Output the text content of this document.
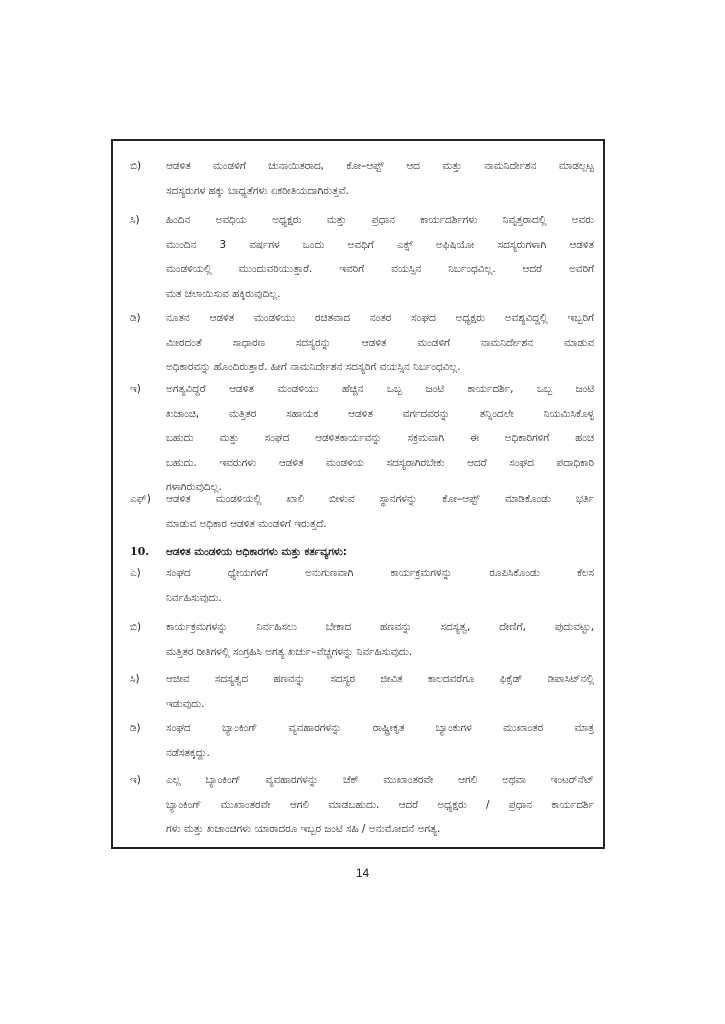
ಬಿ)	ಆಡಳಿತ ಮಂಡಳಿಗೆ ಚುನಾಯಿತರಾದ, ಕೋ–ಆಪ್ಟ್ ಆದ ಮತ್ತು ನಾಮನಿರ್ದೇಶನ ಮಾಡಲ್ಪಟ್ಟ
ಸದಸ್ಯರುಗಳ ಹಕ್ಕು ಬಾಧ್ಯತೆಗಳು ಏಕರೀತಿಯದಾಗಿರುತ್ತವೆ.
ಸಿ)	ಹಿಂದಿನ ಅವಧಿಯ ಅಧ್ಯಕ್ಷರು ಮತ್ತು ಪ್ರಧಾನ ಕಾರ್ಯದರ್ಶಿಗಳು ನಿವೃತ್ತರಾದಲ್ಲಿ ಅವರು
ಮುಂದಿನ 3 ವರ್ಷಗಳ ಒಂದು ಅವಧಿಗೆ ಎಕ್ಸ್ ಅಫಿಷಿಯೋ ಸದಸ್ಯರುಗಳಾಗಿ ಆಡಳಿತ
ಮಂಡಳಿಯಲ್ಲಿ ಮುಂದುವರಿಯುತ್ತಾರೆ. ಇವರಿಗೆ ವಯಸ್ಸಿನ ನಿರ್ಬಂಧವಿಲ್ಲ. ಆದರೆ ಅವರಿಗೆ
ಮತ ಚಲಾಯಿಸುವ ಹಕ್ಕಿರುವುದಿಲ್ಲ.
ಡಿ)	ನೂತನ ಆಡಳಿತ ಮಂಡಳಿಯು ರಚಿತವಾದ ನಂತರ ಸಂಘದ ಅಧ್ಯಕ್ಷರು ಅವಶ್ಯವಿದ್ದಲ್ಲಿ ಇಬ್ಬರಿಗೆ
ಮೀರದಂತೆ ಸಾಧಾರಣ ಸದಸ್ಯರನ್ನು ಆಡಳಿತ ಮಂಡಳಿಗೆ ನಾಮನಿರ್ದೇಶನ ಮಾಡುವ
ಅಧಿಕಾರವನ್ನು ಹೊಂದಿರುತ್ತಾರೆ. ಹೀಗೆ ನಾಮನಿರ್ದೇಶನ ಸದಸ್ಯರಿಗೆ ವಯಸ್ಸಿನ ನಿರ್ಬಂಧವಿಲ್ಲ.
ಇ)	ಅಗತ್ಯವಿದ್ದರೆ ಆಡಳಿತ ಮಂಡಳಿಯು ಹೆಚ್ಚಿನ ಒಬ್ಬ ಜಂಟಿ ಕಾರ್ಯದರ್ಶಿ, ಒಬ್ಬ ಜಂಟಿ
ಖಜಾಂಚಿ, ಮತ್ತಿತರ ಸಹಾಯಕ ಆಡಳಿತ ವರ್ಗದವರನ್ನು ತನ್ನಿಂದಲೇ ನಿಯಮಿಸಿಕೊಳ್ಳ
ಬಹುದು ಮತ್ತು ಸಂಘದ ಆಡಳಿತಕಾರ್ಯವನ್ನು ಸಕ್ರಮವಾಗಿ ಈ ಅಧಿಕಾರಿಗಳಿಗೆ ಹಂಚ
ಬಹುದು. ಇವರುಗಳು ಆಡಳಿತ ಮಂಡಳಿಯ ಸದಸ್ಯರಾಗಿರಬೇಕು ಆದರೆ ಸಂಘದ ಪದಾಧಿಕಾರಿ
ಗಳಾಗಿರುವುದಿಲ್ಲ.
ಎಫ್)	ಆಡಳಿತ ಮಂಡಳಿಯಲ್ಲಿ ಖಾಲಿ ಬೀಳುವ ಸ್ಥಾನಗಳನ್ನು ಕೋ–ಆಪ್ಟ್ ಮಾಡಿಕೊಂಡು ಭರ್ತಿ
ಮಾಡುವ ಅಧಿಕಾರ ಆಡಳಿತ ಮಂಡಳಿಗೆ ಇರುತ್ತದೆ.
10.	ಆಡಳಿತ ಮಂಡಳಿಯ ಅಧಿಕಾರಗಳು ಮತ್ತು ಕರ್ತವ್ಯಗಳು:
ಎ)	ಸಂಘದ ಧ್ಯೇಯಗಳಿಗೆ ಅನುಗುಣವಾಗಿ ಕಾರ್ಯಕ್ರಮಗಳನ್ನು ರೂಪಿಸಿಕೊಂಡು ಕೆಲಸ
ನಿರ್ವಹಿಸುವುದು.
ಬಿ)	ಕಾರ್ಯಕ್ರಮಗಳನ್ನು ನಿರ್ವಹಿಸಲು ಬೇಕಾದ ಹಣವನ್ನು ಸದಸ್ಯತ್ವ, ದೇಣಿಗೆ, ಪುದುವಟ್ಟು,
ಮತ್ತಿತರ ರೀತಿಗಳಲ್ಲಿ ಸಂಗ್ರಹಿಸಿ ಅಗತ್ಯ ಖರ್ಚು–ವೆಚ್ಚಗಳನ್ನು ನಿರ್ವಹಿಸುವುದು.
ಸಿ)	ಆಜೀವ ಸದಸ್ಯತ್ವದ ಹಣವನ್ನು ಸದಸ್ಯರ ಜೀವಿತ ಕಾಲದವರೆಗೂ ಫಿಕ್ಸೆಡ್ ಡಿಪಾಸಿಟ್‌ನಲ್ಲಿ
ಇಡುವುದು.
ಡಿ)	ಸಂಘದ ಬ್ಯಾಂಕಿಂಗ್ ವ್ಯವಹಾರಗಳನ್ನು ರಾಷ್ಟ್ರೀಕೃತ ಬ್ಯಾಂಕುಗಳ ಮುಖಾಂತರ ಮಾತ್ರ
ನಡೆಸತಕ್ಕದ್ದು.
ಇ)	ಎಲ್ಲ ಬ್ಯಾಂಕಿಂಗ್ ವ್ಯವಹಾರಗಳನ್ನು ಚೆಕ್ ಮುಖಾಂತರವೇ ಆಗಲಿ ಅಥವಾ ಇಂಟರ್‌ನೆಟ್
ಬ್ಯಾಂಕಿಂಗ್ ಮುಖಾಂತರವೇ ಆಗಲಿ ಮಾಡಬಹುದು. ಆದರೆ ಅಧ್ಯಕ್ಷರು / ಪ್ರಧಾನ ಕಾರ್ಯದರ್ಶಿ
ಗಳು ಮತ್ತು ಖಜಾಂಚಿಗಳು ಯಾರಾದರೂ ಇಬ್ಬರ ಜಂಟಿ ಸಹಿ / ಅನುಮೋದನೆ ಅಗತ್ಯ.
14
